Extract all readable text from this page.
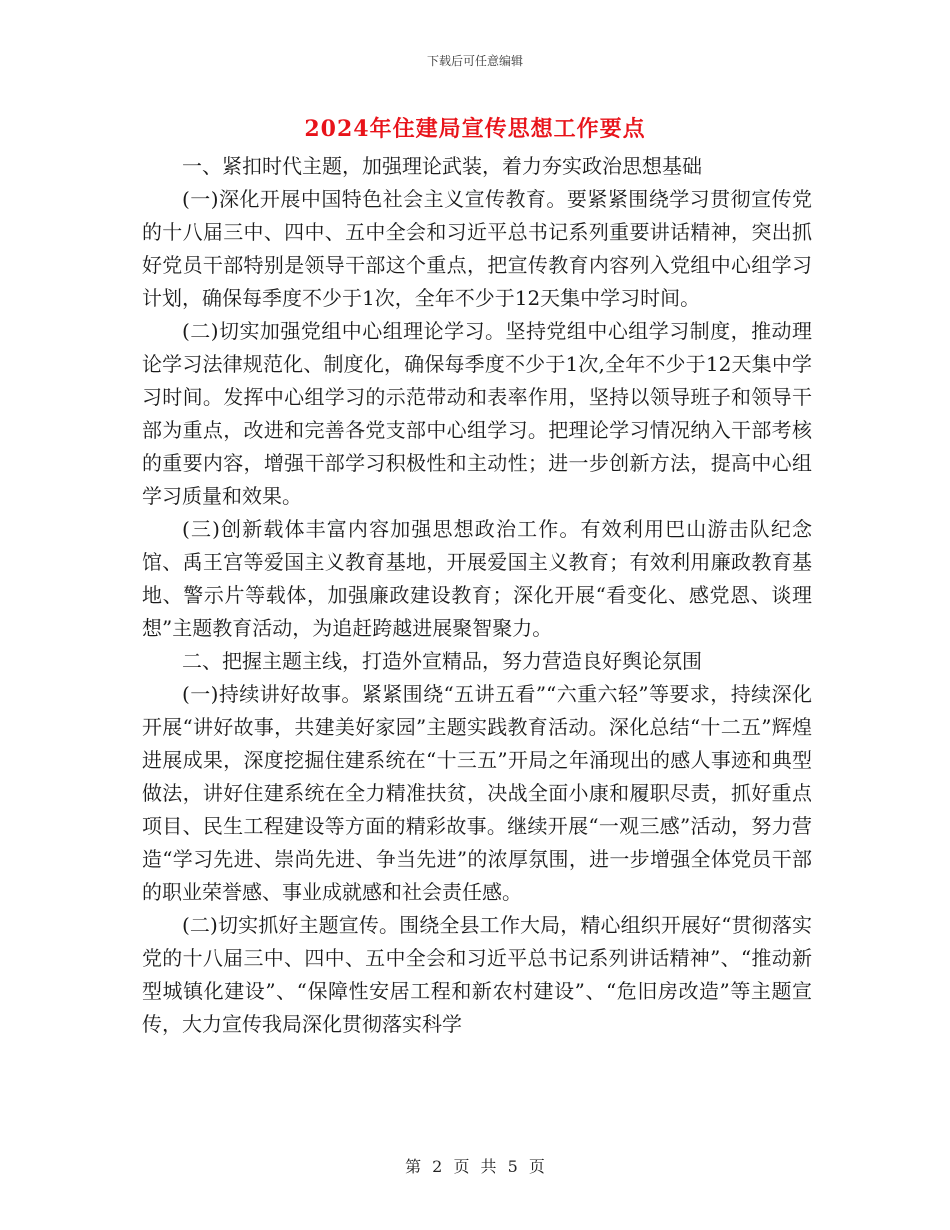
下载后可任意编辑
2024年住建局宣传思想工作要点

一、紧扣时代主题，加强理论武装，着力夯实政治思想基础

(一)深化开展中国特色社会主义宣传教育。要紧紧围绕学习贯彻宣传党的十八届三中、四中、五中全会和习近平总书记系列重要讲话精神，突出抓好党员干部特别是领导干部这个重点，把宣传教育内容列入党组中心组学习计划，确保每季度不少于1次，全年不少于12天集中学习时间。

(二)切实加强党组中心组理论学习。坚持党组中心组学习制度，推动理论学习法律规范化、制度化，确保每季度不少于1次,全年不少于12天集中学习时间。发挥中心组学习的示范带动和表率作用，坚持以领导班子和领导干部为重点，改进和完善各党支部中心组学习。把理论学习情况纳入干部考核的重要内容，增强干部学习积极性和主动性；进一步创新方法，提高中心组学习质量和效果。

(三)创新载体丰富内容加强思想政治工作。有效利用巴山游击队纪念馆、禹王宫等爱国主义教育基地，开展爱国主义教育；有效利用廉政教育基地、警示片等载体，加强廉政建设教育；深化开展“看变化、感党恩、谈理想”主题教育活动，为追赶跨越进展聚智聚力。

二、把握主题主线，打造外宣精品，努力营造良好舆论氛围

(一)持续讲好故事。紧紧围绕“五讲五看”“六重六轻”等要求，持续深化开展“讲好故事，共建美好家园”主题实践教育活动。深化总结“十二五”辉煌进展成果，深度挖掘住建系统在“十三五”开局之年涌现出的感人事迹和典型做法，讲好住建系统在全力精准扶贫，决战全面小康和履职尽责，抓好重点项目、民生工程建设等方面的精彩故事。继续开展“一观三感”活动，努力营造“学习先进、崇尚先进、争当先进”的浓厚氛围，进一步增强全体党员干部的职业荣誉感、事业成就感和社会责任感。

(二)切实抓好主题宣传。围绕全县工作大局，精心组织开展好“贯彻落实党的十八届三中、四中、五中全会和习近平总书记系列讲话精神”、“推动新型城镇化建设”、“保障性安居工程和新农村建设”、“危旧房改造”等主题宣传，大力宣传我局深化贯彻落实科学

第 2 页 共 5 页
